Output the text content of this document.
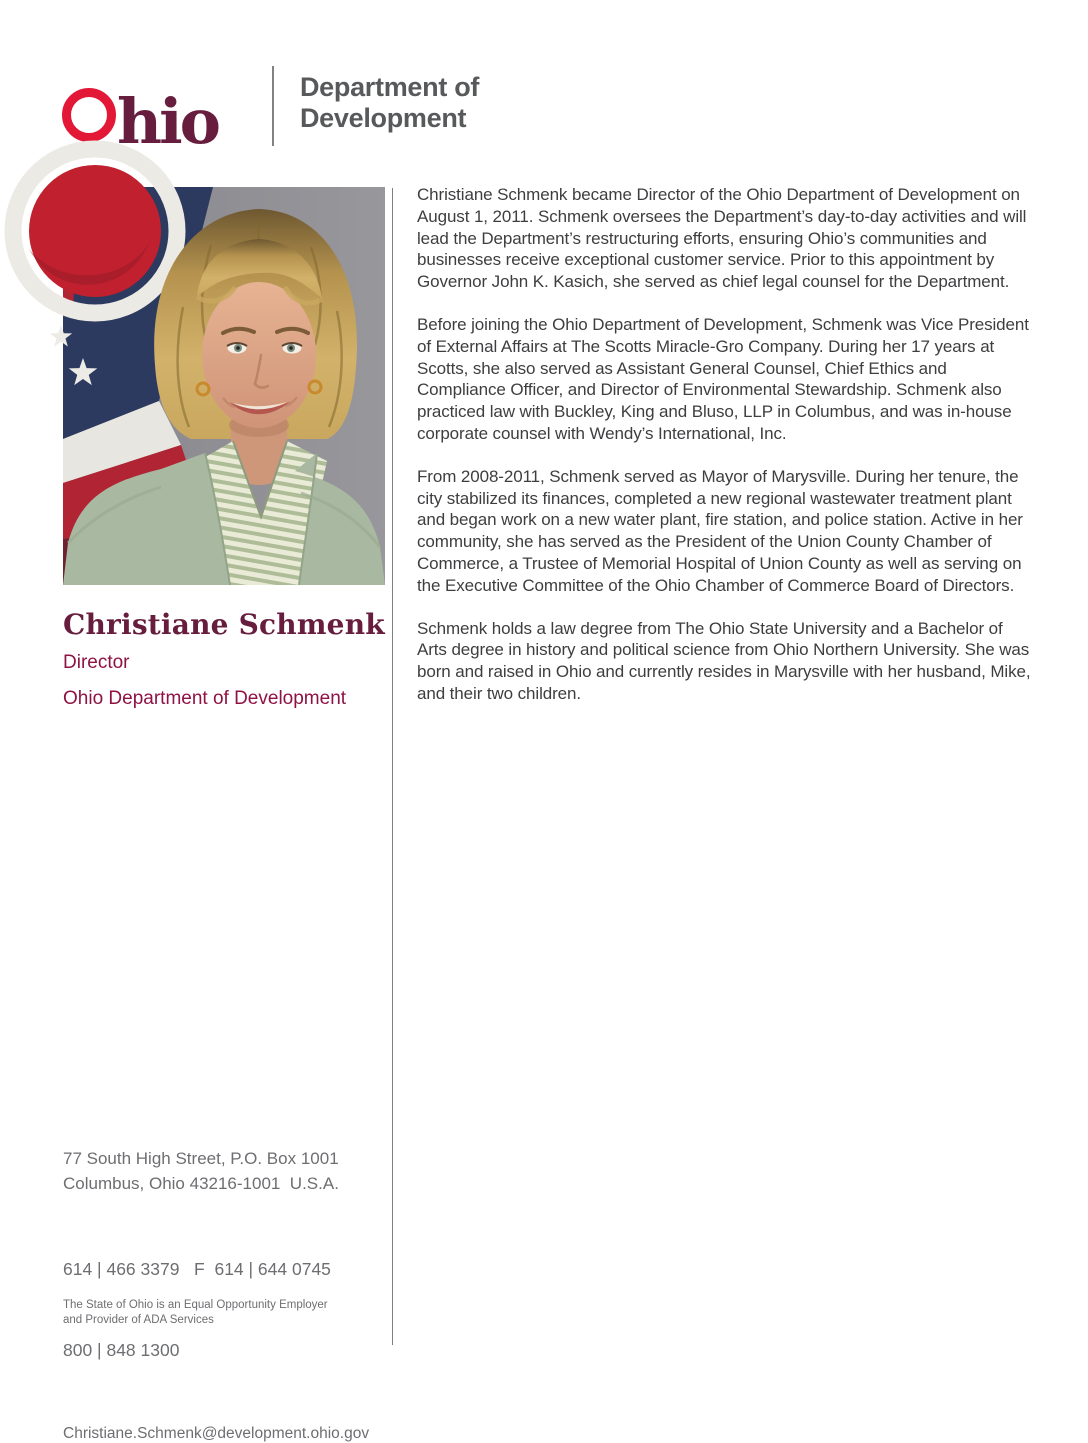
hio	Department of
Development
Christiane Schmenk
Director
Ohio Department of Development
77 South High Street, P.O. Box 1001
Columbus, Ohio 43216-1001  U.S.A.

614 | 466 3379   F  614 | 644 0745

800 | 848 1300

Christiane.Schmenk@development.ohio.gov
The State of Ohio is an Equal Opportunity Employer
and Provider of ADA Services

Christiane Schmenk became Director of the Ohio Department of Development on August 1, 2011. Schmenk oversees the Department’s day-to-day activities and will lead the Department’s restructuring efforts, ensuring Ohio’s communities and businesses receive exceptional customer service. Prior to this appointment by Governor John K. Kasich, she served as chief legal counsel for the Department.

Before joining the Ohio Department of Development, Schmenk was Vice President of External Affairs at The Scotts Miracle-Gro Company. During her 17 years at Scotts, she also served as Assistant General Counsel, Chief Ethics and Compliance Officer, and Director of Environmental Stewardship. Schmenk also practiced law with Buckley, King and Bluso, LLP in Columbus, and was in-house corporate counsel with Wendy’s International, Inc.

From 2008-2011, Schmenk served as Mayor of Marysville. During her tenure, the city stabilized its finances, completed a new regional wastewater treatment plant and began work on a new water plant, fire station, and police station. Active in her community, she has served as the President of the Union County Chamber of Commerce, a Trustee of Memorial Hospital of Union County as well as serving on the Executive Committee of the Ohio Chamber of Commerce Board of Directors.

Schmenk holds a law degree from The Ohio State University and a Bachelor of Arts degree in history and political science from Ohio Northern University. She was born and raised in Ohio and currently resides in Marysville with her husband, Mike, and their two children.
